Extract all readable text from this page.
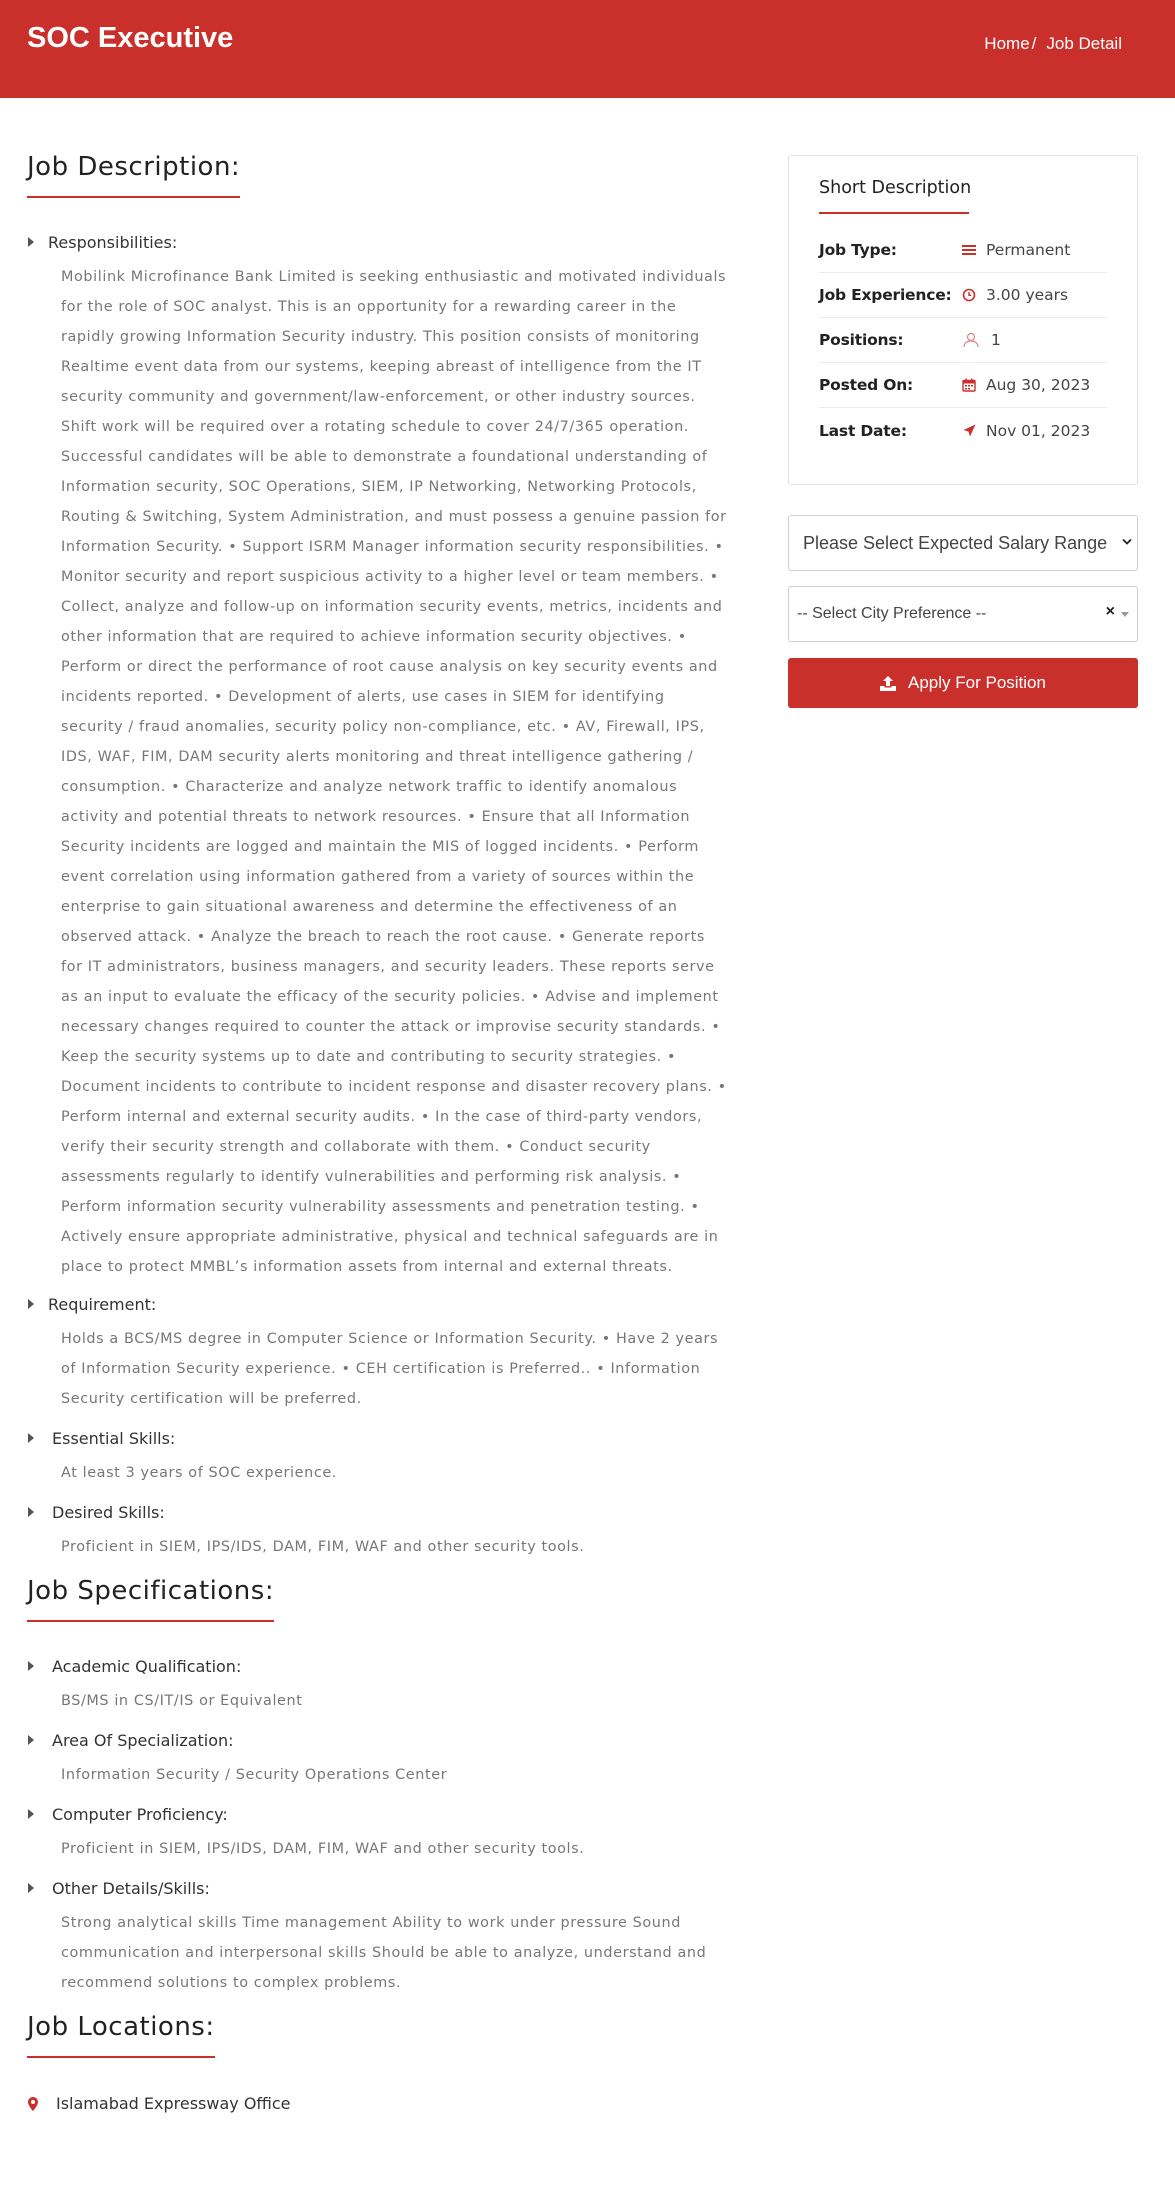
SOC Executive	Home / Job Detail
Job Description:
Responsibilities:
Mobilink Microfinance Bank Limited is seeking enthusiastic and motivated individuals for the role of SOC analyst. This is an opportunity for a rewarding career in the rapidly growing Information Security industry. This position consists of monitoring Realtime event data from our systems, keeping abreast of intelligence from the IT security community and government/law-enforcement, or other industry sources. Shift work will be required over a rotating schedule to cover 24/7/365 operation. Successful candidates will be able to demonstrate a foundational understanding of Information security, SOC Operations, SIEM, IP Networking, Networking Protocols, Routing & Switching, System Administration, and must possess a genuine passion for Information Security. • Support ISRM Manager information security responsibilities. • Monitor security and report suspicious activity to a higher level or team members. • Collect, analyze and follow-up on information security events, metrics, incidents and other information that are required to achieve information security objectives. • Perform or direct the performance of root cause analysis on key security events and incidents reported. • Development of alerts, use cases in SIEM for identifying security / fraud anomalies, security policy non-compliance, etc. • AV, Firewall, IPS, IDS, WAF, FIM, DAM security alerts monitoring and threat intelligence gathering / consumption. • Characterize and analyze network traffic to identify anomalous activity and potential threats to network resources. • Ensure that all Information Security incidents are logged and maintain the MIS of logged incidents. • Perform event correlation using information gathered from a variety of sources within the enterprise to gain situational awareness and determine the effectiveness of an observed attack. • Analyze the breach to reach the root cause. • Generate reports for IT administrators, business managers, and security leaders. These reports serve as an input to evaluate the efficacy of the security policies. • Advise and implement necessary changes required to counter the attack or improvise security standards. • Keep the security systems up to date and contributing to security strategies. • Document incidents to contribute to incident response and disaster recovery plans. • Perform internal and external security audits. • In the case of third-party vendors, verify their security strength and collaborate with them. • Conduct security assessments regularly to identify vulnerabilities and performing risk analysis. • Perform information security vulnerability assessments and penetration testing. • Actively ensure appropriate administrative, physical and technical safeguards are in place to protect MMBL’s information assets from internal and external threats.
Requirement:
Holds a BCS/MS degree in Computer Science or Information Security. • Have 2 years of Information Security experience. • CEH certification is Preferred.. • Information Security certification will be preferred.
Essential Skills:
At least 3 years of SOC experience.
Desired Skills:
Proficient in SIEM, IPS/IDS, DAM, FIM, WAF and other security tools.
Job Specifications:
Academic Qualification:
BS/MS in CS/IT/IS or Equivalent
Area Of Specialization:
Information Security / Security Operations Center
Computer Proficiency:
Proficient in SIEM, IPS/IDS, DAM, FIM, WAF and other security tools.
Other Details/Skills:
Strong analytical skills Time management Ability to work under pressure Sound communication and interpersonal skills Should be able to analyze, understand and recommend solutions to complex problems.
Job Locations:
Islamabad Expressway Office
Short Description
Job Type:	Permanent
Job Experience:	3.00 years
Positions:	1
Posted On:	Aug 30, 2023
Last Date:	Nov 01, 2023
Please Select Expected Salary Range
-- Select City Preference --	×
Apply For Position
